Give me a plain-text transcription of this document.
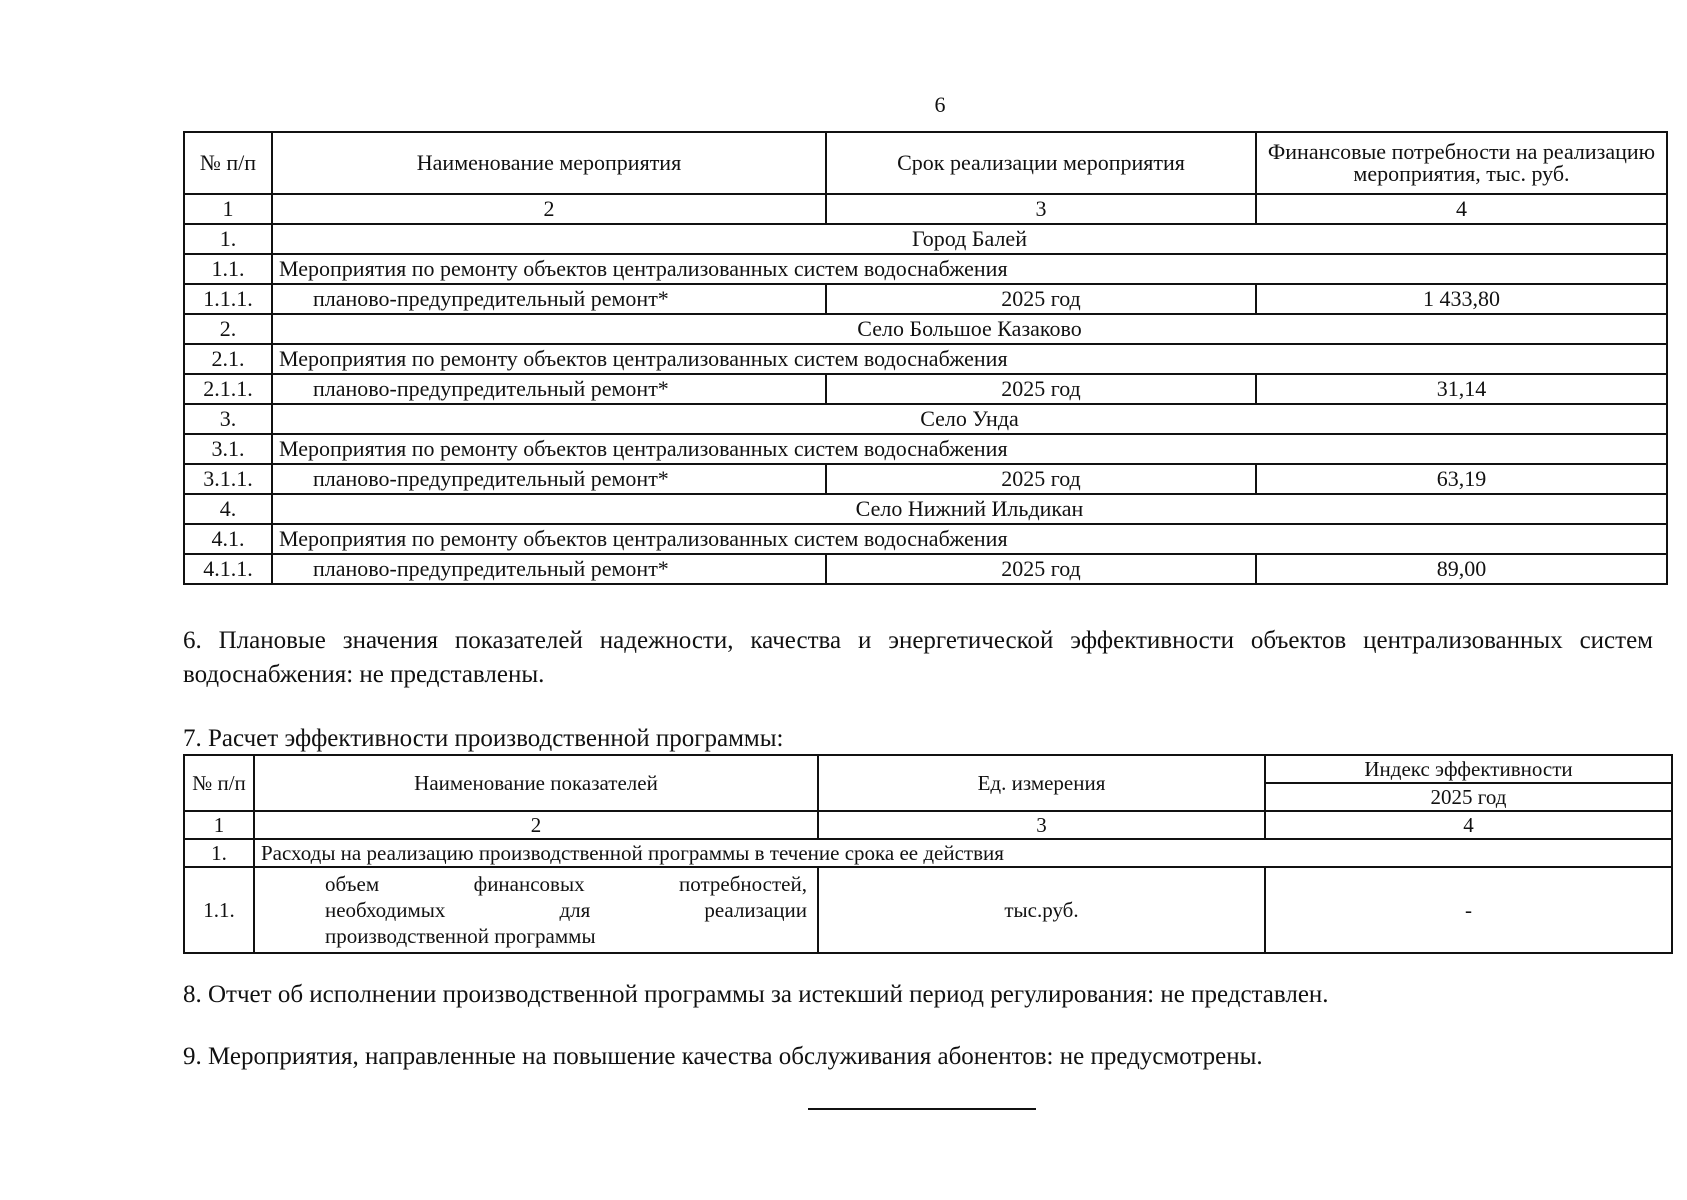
6
№ п/п	Наименование мероприятия	Срок реализации мероприятия	Финансовые потребности на реализацию мероприятия, тыс. руб.
1	2	3	4
1.	Город Балей		
1.1.	Мероприятия по ремонту объектов централизованных систем водоснабжения		
1.1.1.	планово-предупредительный ремонт*	2025 год	1 433,80
2.	Село Большое Казаково		
2.1.	Мероприятия по ремонту объектов централизованных систем водоснабжения		
2.1.1.	планово-предупредительный ремонт*	2025 год	31,14
3.	Село Унда		
3.1.	Мероприятия по ремонту объектов централизованных систем водоснабжения		
3.1.1.	планово-предупредительный ремонт*	2025 год	63,19
4.	Село Нижний Ильдикан		
4.1.	Мероприятия по ремонту объектов централизованных систем водоснабжения		
4.1.1.	планово-предупредительный ремонт*	2025 год	89,00
6. Плановые значения показателей надежности, качества и энергетической эффективности объектов централизованных систем водоснабжения: не представлены.
7. Расчет эффективности производственной программы:
№ п/п	Наименование показателей	Ед. измерения	Индекс эффективности
			2025 год
1	2	3	4
1.	Расходы на реализацию производственной программы в течение срока ее действия		
1.1.	объем финансовых потребностей,
необходимых для реализации
производственной программы	тыс.руб.	-
8. Отчет об исполнении производственной программы за истекший период регулирования: не представлен.
9. Мероприятия, направленные на повышение качества обслуживания абонентов: не предусмотрены.
